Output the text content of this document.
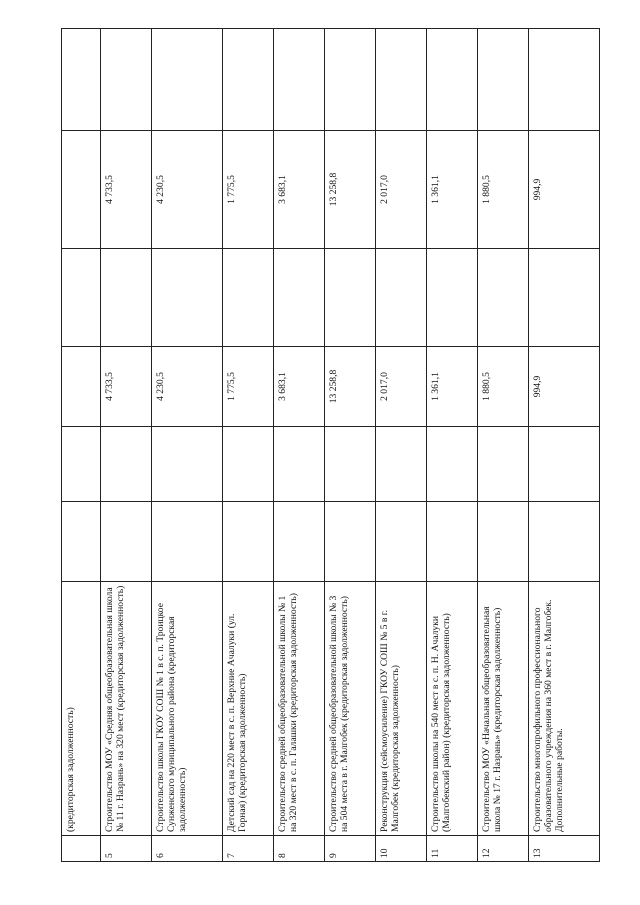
	(кредиторская задолженность)						
5	Строительство МОУ «Средняя общеобразовательная школа № 11 г. Назрань» на 320 мест (кредиторская задолженность)			4 733,5		4 733,5	
6	Строительство школы ГКОУ СОШ № 1 в с. п. Троицкое Сунженского муниципального района (кредиторская задолженность)			4 230,5		4 230,5	
7	Детский сад на 220 мест в с. п. Верхние Ачалуки (ул. Горная) (кредиторская задолженность)			1 775,5		1 775,5	
8	Строительство средней общеобразовательной школы № 1 на 320 мест в с. п. Галашки (кредиторская задолженность)			3 683,1		3 683,1	
9	Строительство средней общеобразовательной школы № 3 на 504 места в г. Малгобек (кредиторская задолженность)			13 258,8		13 258,8	
10	Реконструкция (сейсмоусиление) ГКОУ СОШ № 5 в г. Малгобек (кредиторская задолженность)			2 017,0		2 017,0	
11	Строительство школы на 540 мест в с. п. Н. Ачалуки (Малгобекский район) (кредиторская задолженность)			1 361,1		1 361,1	
12	Строительство МОУ «Начальная общеобразовательная школа № 17 г. Назрань» (кредиторская задолженность)			1 880,5		1 880,5	
13	Строительство многопрофильного профессионального образовательного учреждения на 360 мест в г. Малгобек. Дополнительные работы.			994,9		994,9	
